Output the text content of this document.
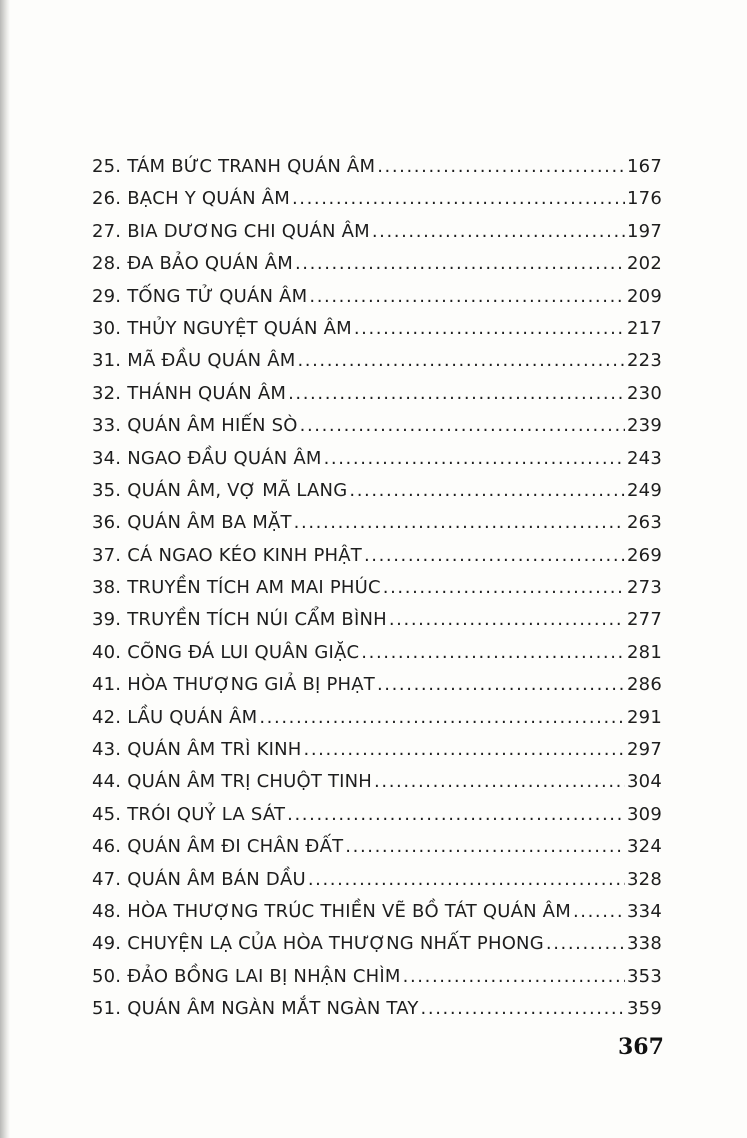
25. TÁM BỨC TRANH QUÁN ÂM .....	167
26. BẠCH Y QUÁN ÂM .....	176
27. BIA DƯƠNG CHI QUÁN ÂM .....	197
28. ĐA BẢO QUÁN ÂM .....	202
29. TỐNG TỬ QUÁN ÂM .....	209
30. THỦY NGUYỆT QUÁN ÂM .....	217
31. MÃ ĐẦU QUÁN ÂM .....	223
32. THÁNH QUÁN ÂM .....	230
33. QUÁN ÂM HIẾN SÒ .....	239
34. NGAO ĐẦU QUÁN ÂM .....	243
35. QUÁN ÂM, VỢ MÃ LANG .....	249
36. QUÁN ÂM BA MẶT .....	263
37. CÁ NGAO KÉO KINH PHẬT .....	269
38. TRUYỀN TÍCH AM MAI PHÚC .....	273
39. TRUYỀN TÍCH NÚI CẨM BÌNH .....	277
40. CÕNG ĐÁ LUI QUÂN GIẶC .....	281
41. HÒA THƯỢNG GIẢ BỊ PHẠT .....	286
42. LẦU QUÁN ÂM .....	291
43. QUÁN ÂM TRÌ KINH .....	297
44. QUÁN ÂM TRỊ CHUỘT TINH .....	304
45. TRÓI QUỶ LA SÁT .....	309
46. QUÁN ÂM ĐI CHÂN ĐẤT .....	324
47. QUÁN ÂM BÁN DẦU .....	328
48. HÒA THƯỢNG TRÚC THIỀN VẼ BỒ TÁT QUÁN ÂM .....	334
49. CHUYỆN LẠ CỦA HÒA THƯỢNG NHẤT PHONG .....	338
50. ĐẢO BỒNG LAI BỊ NHẬN CHÌM .....	353
51. QUÁN ÂM NGÀN MẮT NGÀN TAY .....	359
367
